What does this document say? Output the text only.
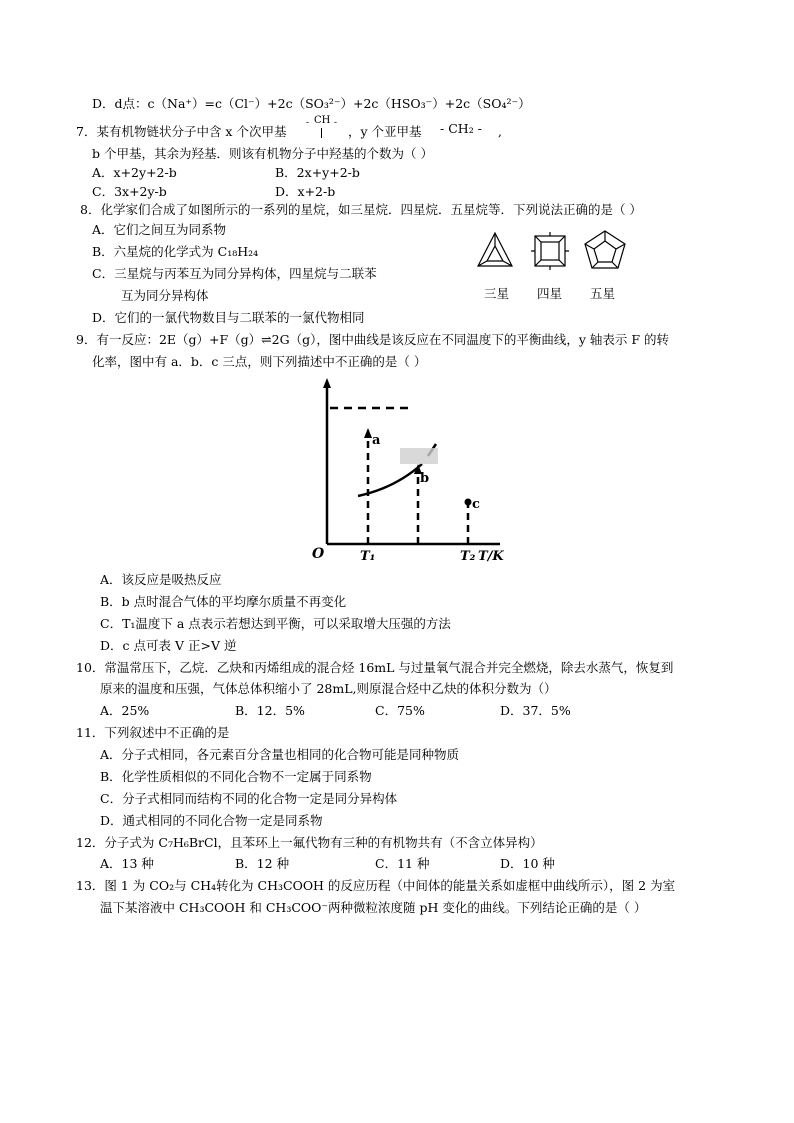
D．d点：c（Na⁺）=c（Cl⁻）+2c（SO₃²⁻）+2c（HSO₃⁻）+2c（SO₄²⁻）
7．某有机物链状分子中含 x 个次甲基
- CH -
，y 个亚甲基 - CH₂ - ,
b 个甲基，其余为羟基．则该有机物分子中羟基的个数为（ ）
A．x+2y+2-b	B．2x+y+2-b
C．3x+2y-b	D．x+2-b
8．化学家们合成了如图所示的一系列的星烷，如三星烷．四星烷．五星烷等．下列说法正确的是（ ）
A．它们之间互为同系物
B．六星烷的化学式为 C₁₈H₂₄
C．三星烷与丙苯互为同分异构体，四星烷与二联苯
互为同分异构体
D．它们的一氯代物数目与二联苯的一氯代物相同
三星 四星 五星
9．有一反应：2E（g）+F（g）⇌2G（g），图中曲线是该反应在不同温度下的平衡曲线，y 轴表示 F 的转
化率，图中有 a．b．c 三点，则下列描述中不正确的是（ ）
O	T₁	T₂ T/K
a
b
c
A．该反应是吸热反应
B．b 点时混合气体的平均摩尔质量不再变化
C．T₁温度下 a 点表示若想达到平衡，可以采取增大压强的方法
D．c 点可表 V 正>V 逆
10．常温常压下，乙烷．乙炔和丙烯组成的混合烃 16mL 与过量氧气混合并完全燃烧，除去水蒸气，恢复到
原来的温度和压强，气体总体积缩小了 28mL,则原混合烃中乙炔的体积分数为（）
A．25%	B．12．5%	C．75%	D．37．5%
11．下列叙述中不正确的是
A．分子式相同，各元素百分含量也相同的化合物可能是同种物质
B．化学性质相似的不同化合物不一定属于同系物
C．分子式相同而结构不同的化合物一定是同分异构体
D．通式相同的不同化合物一定是同系物
12．分子式为 C₇H₆BrCl，且苯环上一氟代物有三种的有机物共有（不含立体异构）
A．13 种	B．12 种	C．11 种	D．10 种
13．图 1 为 CO₂与 CH₄转化为 CH₃COOH 的反应历程（中间体的能量关系如虚框中曲线所示），图 2 为室
温下某溶液中 CH₃COOH 和 CH₃COO⁻两种微粒浓度随 pH 变化的曲线。下列结论正确的是（ ）
